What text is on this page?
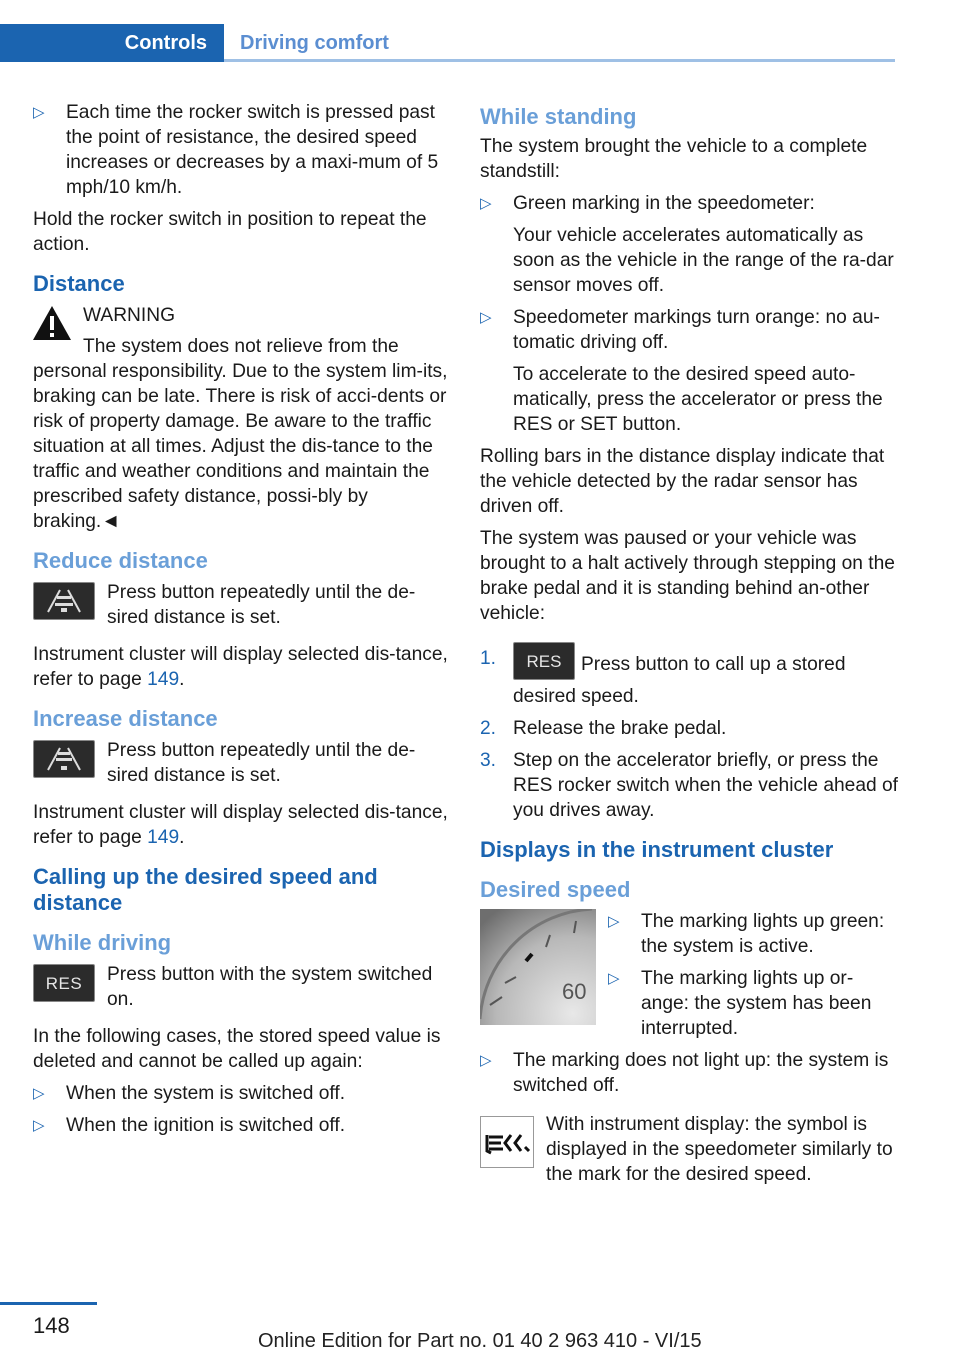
Controls	Driving comfort
▷ Each time the rocker switch is pressed past the point of resistance, the desired speed increases or decreases by a maxi-mum of 5 mph/10 km/h.

Hold the rocker switch in position to repeat the action.

Distance

WARNING

The system does not relieve from the

personal responsibility. Due to the system lim-its, braking can be late. There is risk of acci-dents or risk of property damage. Be aware to the traffic situation at all times. Adjust the dis-tance to the traffic and weather conditions and maintain the prescribed safety distance, possi-bly by braking.◄

Reduce distance
Press button repeatedly until the de-sired distance is set.

Instrument cluster will display selected dis-tance, refer to page 149.

Increase distance
Press button repeatedly until the de-sired distance is set.

Instrument cluster will display selected dis-tance, refer to page 149.

Calling up the desired speed and distance
While driving
RES Press button with the system switched on.

In the following cases, the stored speed value is deleted and cannot be called up again:

▷ When the system is switched off.
▷ When the ignition is switched off.
While standing

The system brought the vehicle to a complete standstill:

▷ Green marking in the speedometer:
Your vehicle accelerates automatically as soon as the vehicle in the range of the ra-dar sensor moves off.
▷ Speedometer markings turn orange: no au-tomatic driving off.
To accelerate to the desired speed auto-matically, press the accelerator or press the RES or SET button.

Rolling bars in the distance display indicate that the vehicle detected by the radar sensor has driven off.

The system was paused or your vehicle was brought to a halt actively through stepping on the brake pedal and it is standing behind an-other vehicle:

1. RES Press button to call up a stored desired speed.
2. Release the brake pedal.
3. Step on the accelerator briefly, or press the RES rocker switch when the vehicle ahead of you drives away.
Displays in the instrument cluster
Desired speed
60
▷ The marking lights up green: the system is active.
▷ The marking lights up or-ange: the system has been interrupted.
▷ The marking does not light up: the system is switched off.
With instrument display: the symbol is displayed in the speedometer similarly to the mark for the desired speed.
148
Online Edition for Part no. 01 40 2 963 410 - VI/15
